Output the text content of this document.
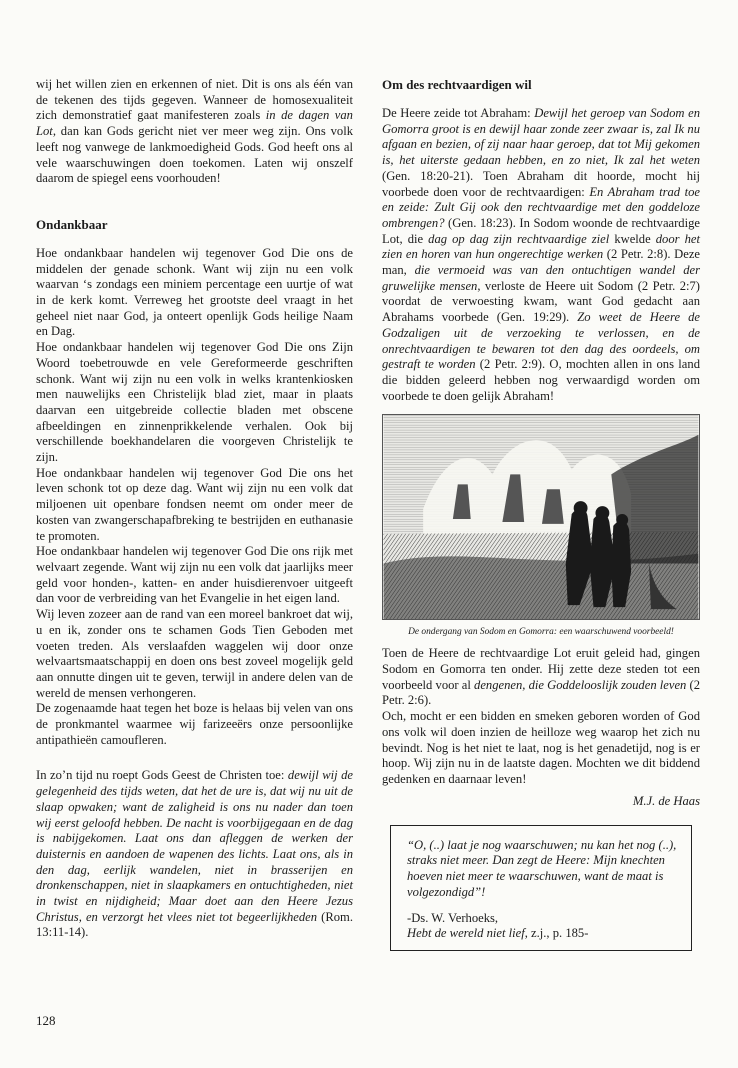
wij het willen zien en erkennen of niet. Dit is ons als één van de tekenen des tijds gegeven. Wanneer de homosexualiteit zich demonstratief gaat manifesteren zoals in de dagen van Lot, dan kan Gods gericht niet ver meer weg zijn. Ons volk leeft nog vanwege de lankmoedigheid Gods. God heeft ons al vele waarschuwingen doen toekomen. Laten wij onszelf daarom de spiegel eens voorhouden!

Ondankbaar

Hoe ondankbaar handelen wij tegenover God Die ons de middelen der genade schonk. Want wij zijn nu een volk waarvan ‘s zondags een miniem percentage een uurtje of wat in de kerk komt. Verreweg het grootste deel vraagt in het geheel niet naar God, ja onteert openlijk Gods heilige Naam en Dag.

Hoe ondankbaar handelen wij tegenover God Die ons Zijn Woord toebetrouwde en vele Gereformeerde geschriften schonk. Want wij zijn nu een volk in welks krantenkiosken men nauwelijks een Christelijk blad ziet, maar in plaats daarvan een uitgebreide collectie bladen met obscene afbeeldingen en zinnenprikkelende verhalen. Ook bij verschillende boekhandelaren die voorgeven Christelijk te zijn.

Hoe ondankbaar handelen wij tegenover God Die ons het leven schonk tot op deze dag. Want wij zijn nu een volk dat miljoenen uit openbare fondsen neemt om onder meer de kosten van zwangerschapafbreking te bestrijden en euthanasie te promoten.

Hoe ondankbaar handelen wij tegenover God Die ons rijk met welvaart zegende. Want wij zijn nu een volk dat jaarlijks meer geld voor honden-, katten- en ander huisdierenvoer uitgeeft dan voor de verbreiding van het Evangelie in het eigen land.

Wij leven zozeer aan de rand van een moreel bankroet dat wij, u en ik, zonder ons te schamen Gods Tien Geboden met voeten treden. Als verslaafden waggelen wij door onze welvaartsmaatschappij en doen ons best zoveel mogelijk geld aan onnutte dingen uit te geven, terwijl in andere delen van de wereld de mensen verhongeren.

De zogenaamde haat tegen het boze is helaas bij velen van ons de pronkmantel waarmee wij farizeeërs onze persoonlijke antipathieën camoufleren.

In zo’n tijd nu roept Gods Geest de Christen toe: dewijl wij de gelegenheid des tijds weten, dat het de ure is, dat wij nu uit de slaap opwaken; want de zaligheid is ons nu nader dan toen wij eerst geloofd hebben. De nacht is voorbijgegaan en de dag is nabijgekomen. Laat ons dan afleggen de werken der duisternis en aandoen de wapenen des lichts. Laat ons, als in den dag, eerlijk wandelen, niet in brasserijen en dronkenschappen, niet in slaapkamers en ontuchtigheden, niet in twist en nijdigheid; Maar doet aan den Heere Jezus Christus, en verzorgt het vlees niet tot begeerlijkheden (Rom. 13:11-14).

Om des rechtvaardigen wil

De Heere zeide tot Abraham: Dewijl het geroep van Sodom en Gomorra groot is en dewijl haar zonde zeer zwaar is, zal Ik nu afgaan en bezien, of zij naar haar geroep, dat tot Mij gekomen is, het uiterste gedaan hebben, en zo niet, Ik zal het weten (Gen. 18:20-21). Toen Abraham dit hoorde, mocht hij voorbede doen voor de rechtvaardigen: En Abraham trad toe en zeide: Zult Gij ook den rechtvaardige met den goddeloze ombrengen? (Gen. 18:23). In Sodom woonde de rechtvaardige Lot, die dag op dag zijn rechtvaardige ziel kwelde door het zien en horen van hun ongerechtige werken (2 Petr. 2:8). Deze man, die vermoeid was van den ontuchtigen wandel der gruwelijke mensen, verloste de Heere uit Sodom (2 Petr. 2:7) voordat de verwoesting kwam, want God gedacht aan Abrahams voorbede (Gen. 19:29). Zo weet de Heere de Godzaligen uit de verzoeking te verlossen, en de onrechtvaardigen te bewaren tot den dag des oordeels, om gestraft te worden (2 Petr. 2:9). O, mochten allen in ons land die bidden geleerd hebben nog verwaardigd worden om voorbede te doen gelijk Abraham!

De ondergang van Sodom en Gomorra: een waarschuwend voorbeeld!

Toen de Heere de rechtvaardige Lot eruit geleid had, gingen Sodom en Gomorra ten onder. Hij zette deze steden tot een voorbeeld voor al dengenen, die Goddelooslijk zouden leven (2 Petr. 2:6).

Och, mocht er een bidden en smeken geboren worden of God ons volk wil doen inzien de heilloze weg waarop het zich nu bevindt. Nog is het niet te laat, nog is het genadetijd, nog is er hoop. Wij zijn nu in de laatste dagen. Mochten we dit biddend gedenken en daarnaar leven!

M.J. de Haas

“O, (..) laat je nog waarschuwen; nu kan het nog (..), straks niet meer. Dan zegt de Heere: Mijn knechten hoeven niet meer te waarschuwen, want de maat is volgezondigd”!

-Ds. W. Verhoeks,

Hebt de wereld niet lief, z.j., p. 185-

128
